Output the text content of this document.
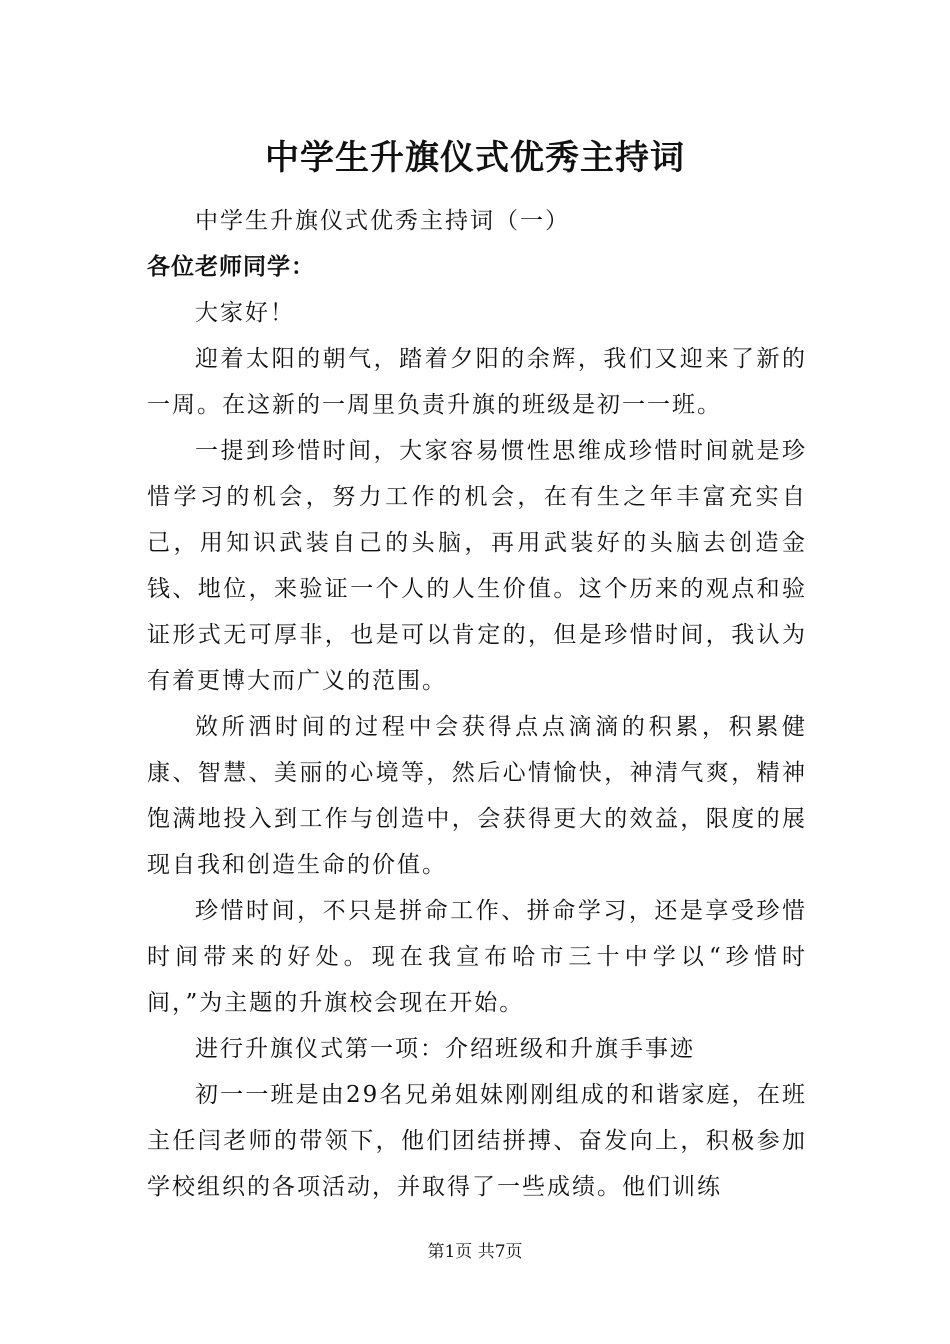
中学生升旗仪式优秀主持词

中学生升旗仪式优秀主持词（一）

各位老师同学：

大家好！

迎着太阳的朝气，踏着夕阳的余辉，我们又迎来了新的一周。在这新的一周里负责升旗的班级是初一一班。

一提到珍惜时间，大家容易惯性思维成珍惜时间就是珍惜学习的机会，努力工作的机会，在有生之年丰富充实自己，用知识武装自己的头脑，再用武装好的头脑去创造金钱、地位，来验证一个人的人生价值。这个历来的观点和验证形式无可厚非，也是可以肯定的，但是珍惜时间，我认为有着更博大而广义的范围。

敚所洒时间的过程中会获得点点滴滴的积累，积累健康、智慧、美丽的心境等，然后心情愉快，神清气爽，精神饱满地投入到工作与创造中，会获得更大的效益，限度的展现自我和创造生命的价值。

珍惜时间，不只是拼命工作、拼命学习，还是享受珍惜时间带来的好处。现在我宣布哈市三十中学以“珍惜时间，”为主题的升旗校会现在开始。

进行升旗仪式第一项：介绍班级和升旗手事迹

初一一班是由29名兄弟姐妹刚刚组成的和谐家庭，在班主任闫老师的带领下，他们团结拼搏、奋发向上，积极参加学校组织的各项活动，并取得了一些成绩。他们训练

第1页 共7页
